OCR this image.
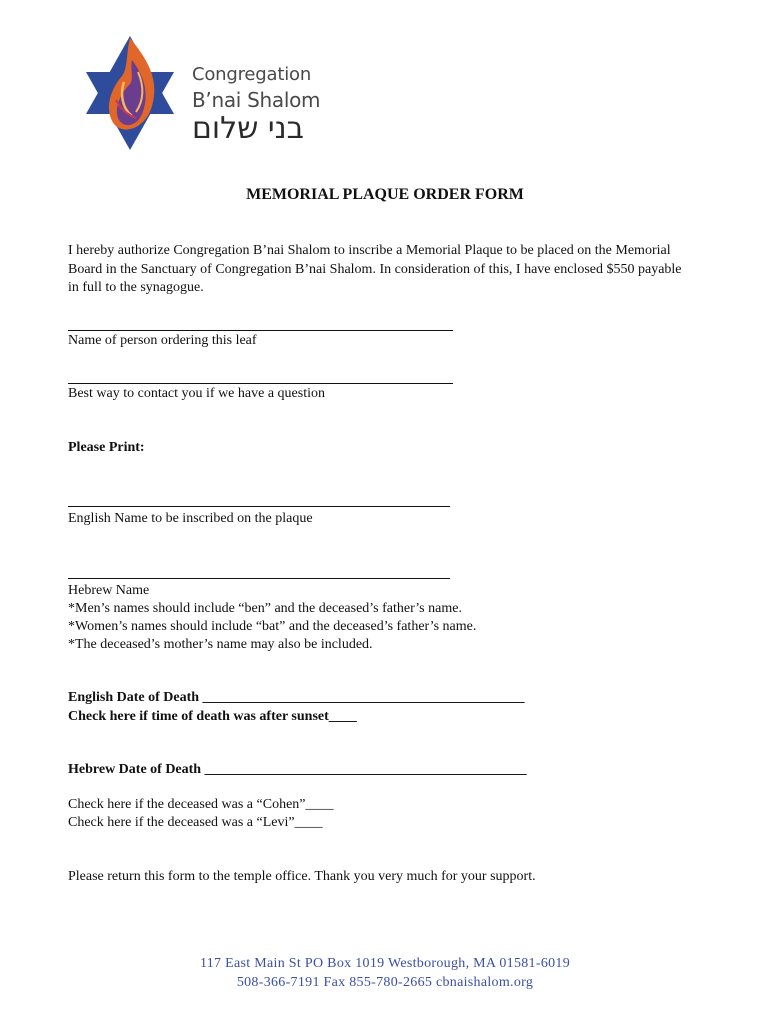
Congregation
B’nai Shalom
בני שלום
MEMORIAL PLAQUE ORDER FORM
I hereby authorize Congregation B’nai Shalom to inscribe a Memorial Plaque to be placed on the Memorial Board in the Sanctuary of Congregation B’nai Shalom. In consideration of this, I have enclosed $550 payable in full to the synagogue.
Name of person ordering this leaf
Best way to contact you if we have a question
Please Print:
English Name to be inscribed on the plaque
Hebrew Name
*Men’s names should include “ben” and the deceased’s father’s name.
*Women’s names should include “bat” and the deceased’s father’s name.
*The deceased’s mother’s name may also be included.
English Date of Death ______________________________________________
Check here if time of death was after sunset____
Hebrew Date of Death ______________________________________________
Check here if the deceased was a “Cohen”____
Check here if the deceased was a “Levi”____
Please return this form to the temple office. Thank you very much for your support.
117 East Main St PO Box 1019 Westborough, MA 01581-6019
508-366-7191 Fax 855-780-2665 cbnaishalom.org
